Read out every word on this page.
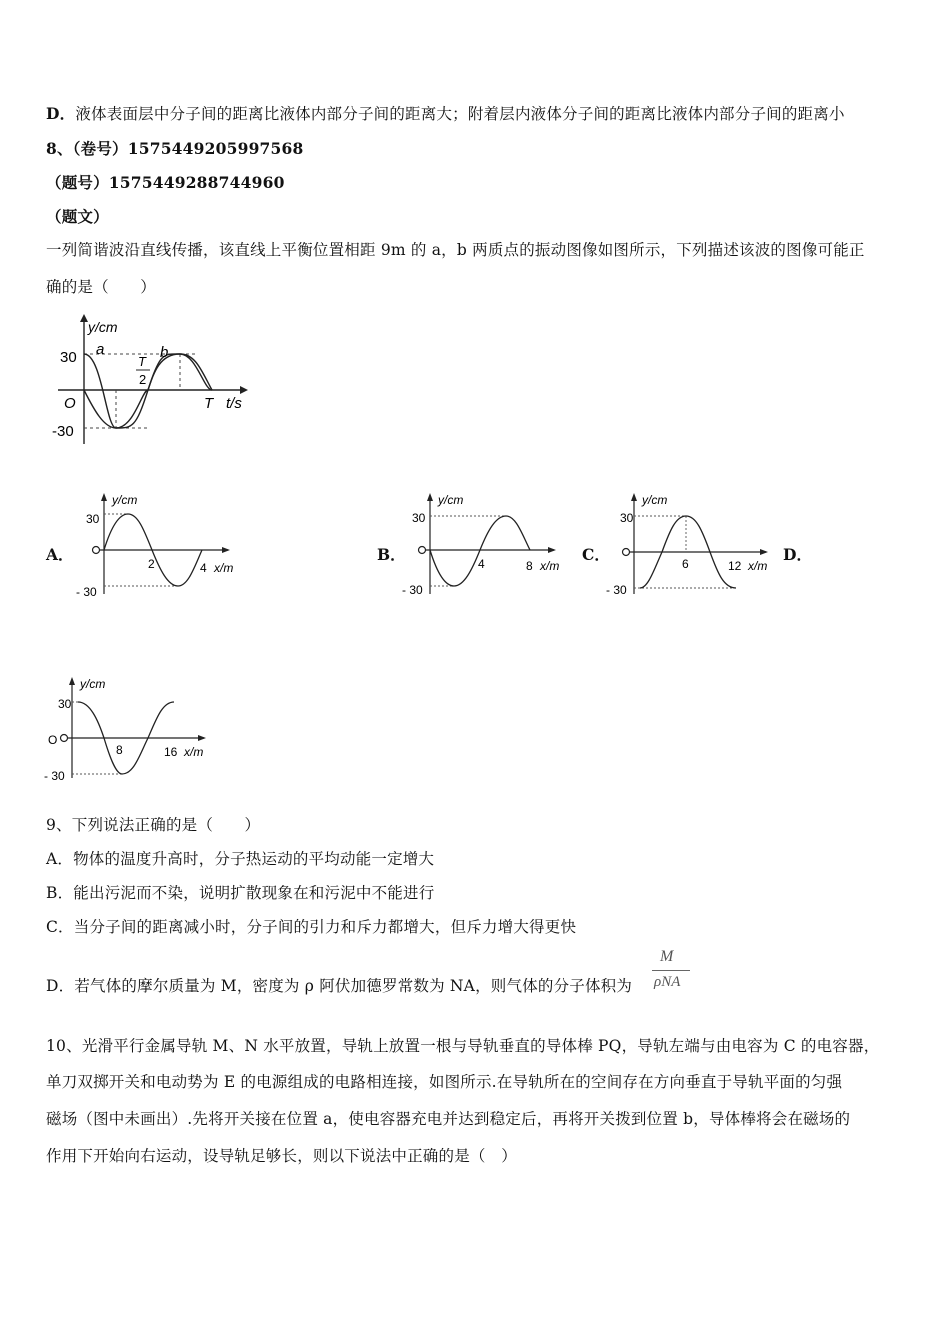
D．液体表面层中分子间的距离比液体内部分子间的距离大；附着层内液体分子间的距离比液体内部分子间的距离小
8、（卷号）1575449205997568
（题号）1575449288744960
（题文）
一列简谐波沿直线传播，该直线上平衡位置相距 9m 的 a，b 两质点的振动图像如图所示，下列描述该波的图像可能正
确的是（　　）
y/cm
a	b
T
2
30
-30
O	T t/s
A．	B．	C．	D．
y/cm
30
- 30
2	4 x/m
y/cm
30
- 30
4	8 x/m
y/cm
30
- 30
6	12 x/m
y/cm
30
- 30
O
8	16 x/m
9、下列说法正确的是（　　）
A．物体的温度升高时，分子热运动的平均动能一定增大
B．能出污泥而不染，说明扩散现象在和污泥中不能进行
C．当分子间的距离减小时，分子间的引力和斥力都增大，但斥力增大得更快
D．若气体的摩尔质量为 M，密度为 ρ 阿伏加德罗常数为 NA，则气体的分子体积为
M
ρNA
10、光滑平行金属导轨 M、N 水平放置，导轨上放置一根与导轨垂直的导体棒 PQ，导轨左端与由电容为 C 的电容器，
单刀双掷开关和电动势为 E 的电源组成的电路相连接，如图所示.在导轨所在的空间存在方向垂直于导轨平面的匀强
磁场（图中未画出）.先将开关接在位置 a，使电容器充电并达到稳定后，再将开关拨到位置 b，导体棒将会在磁场的
作用下开始向右运动，设导轨足够长，则以下说法中正确的是（　）
